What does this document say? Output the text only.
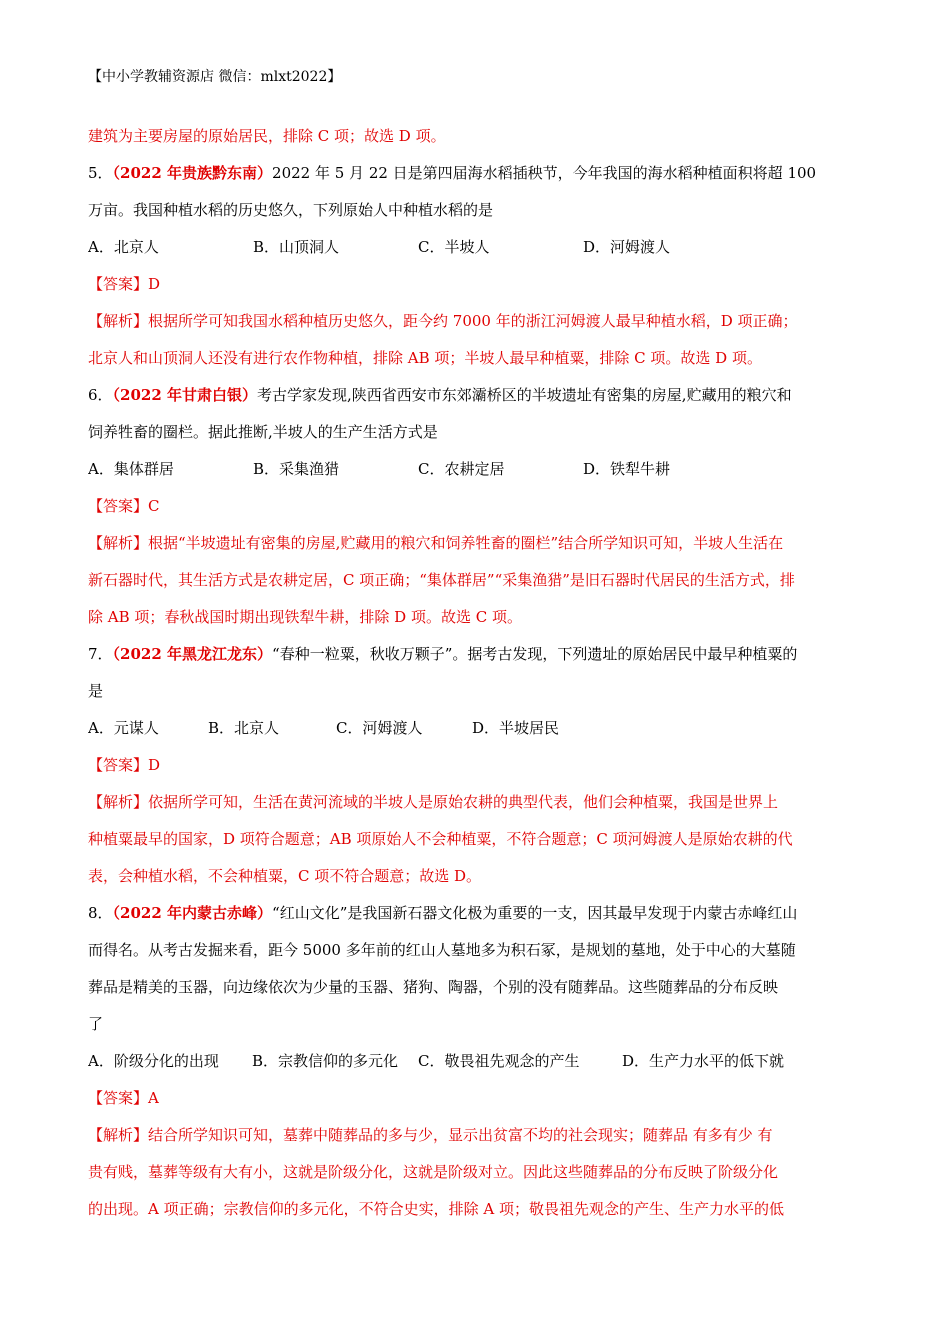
【中小学教辅资源店 微信：mlxt2022】
建筑为主要房屋的原始居民，排除 C 项；故选 D 项。
5．（2022 年贵族黔东南）2022 年 5 月 22 日是第四届海水稻插秧节，今年我国的海水稻种植面积将超 100
万亩。我国种植水稻的历史悠久，下列原始人中种植水稻的是
A．北京人	B．山顶洞人	C．半坡人	D．河姆渡人
【答案】D
【解析】根据所学可知我国水稻种植历史悠久，距今约 7000 年的浙江河姆渡人最早种植水稻，D 项正确；
北京人和山顶洞人还没有进行农作物种植，排除 AB 项；半坡人最早种植粟，排除 C 项。故选 D 项。
6．（2022 年甘肃白银）考古学家发现,陕西省西安市东郊灞桥区的半坡遗址有密集的房屋,贮藏用的粮穴和
饲养牲畜的圈栏。据此推断,半坡人的生产生活方式是
A．集体群居	B．采集渔猎	C．农耕定居	D．铁犁牛耕
【答案】C
【解析】根据“半坡遗址有密集的房屋,贮藏用的粮穴和饲养牲畜的圈栏”结合所学知识可知，半坡人生活在
新石器时代，其生活方式是农耕定居，C 项正确；“集体群居”“采集渔猎”是旧石器时代居民的生活方式，排
除 AB 项；春秋战国时期出现铁犁牛耕，排除 D 项。故选 C 项。
7．（2022 年黑龙江龙东）“春种一粒粟，秋收万颗子”。据考古发现，下列遗址的原始居民中最早种植粟的
是
A．元谋人	B．北京人	C．河姆渡人	D．半坡居民
【答案】D
【解析】依据所学可知，生活在黄河流域的半坡人是原始农耕的典型代表，他们会种植粟，我国是世界上
种植粟最早的国家，D 项符合题意；AB 项原始人不会种植粟，不符合题意；C 项河姆渡人是原始农耕的代
表，会种植水稻，不会种植粟，C 项不符合题意；故选 D。
8．（2022 年内蒙古赤峰）“红山文化”是我国新石器文化极为重要的一支，因其最早发现于内蒙古赤峰红山
而得名。从考古发掘来看，距今 5000 多年前的红山人墓地多为积石冢，是规划的墓地，处于中心的大墓随
葬品是精美的玉器，向边缘依次为少量的玉器、猪狗、陶器，个别的没有随葬品。这些随葬品的分布反映
了
A．阶级分化的出现	B．宗教信仰的多元化	C．敬畏祖先观念的产生	D．生产力水平的低下就
【答案】A
【解析】结合所学知识可知，墓葬中随葬品的多与少，显示出贫富不均的社会现实；随葬品 有多有少 有
贵有贱，墓葬等级有大有小，这就是阶级分化，这就是阶级对立。因此这些随葬品的分布反映了阶级分化
的出现。A 项正确；宗教信仰的多元化，不符合史实，排除 A 项；敬畏祖先观念的产生、生产力水平的低
